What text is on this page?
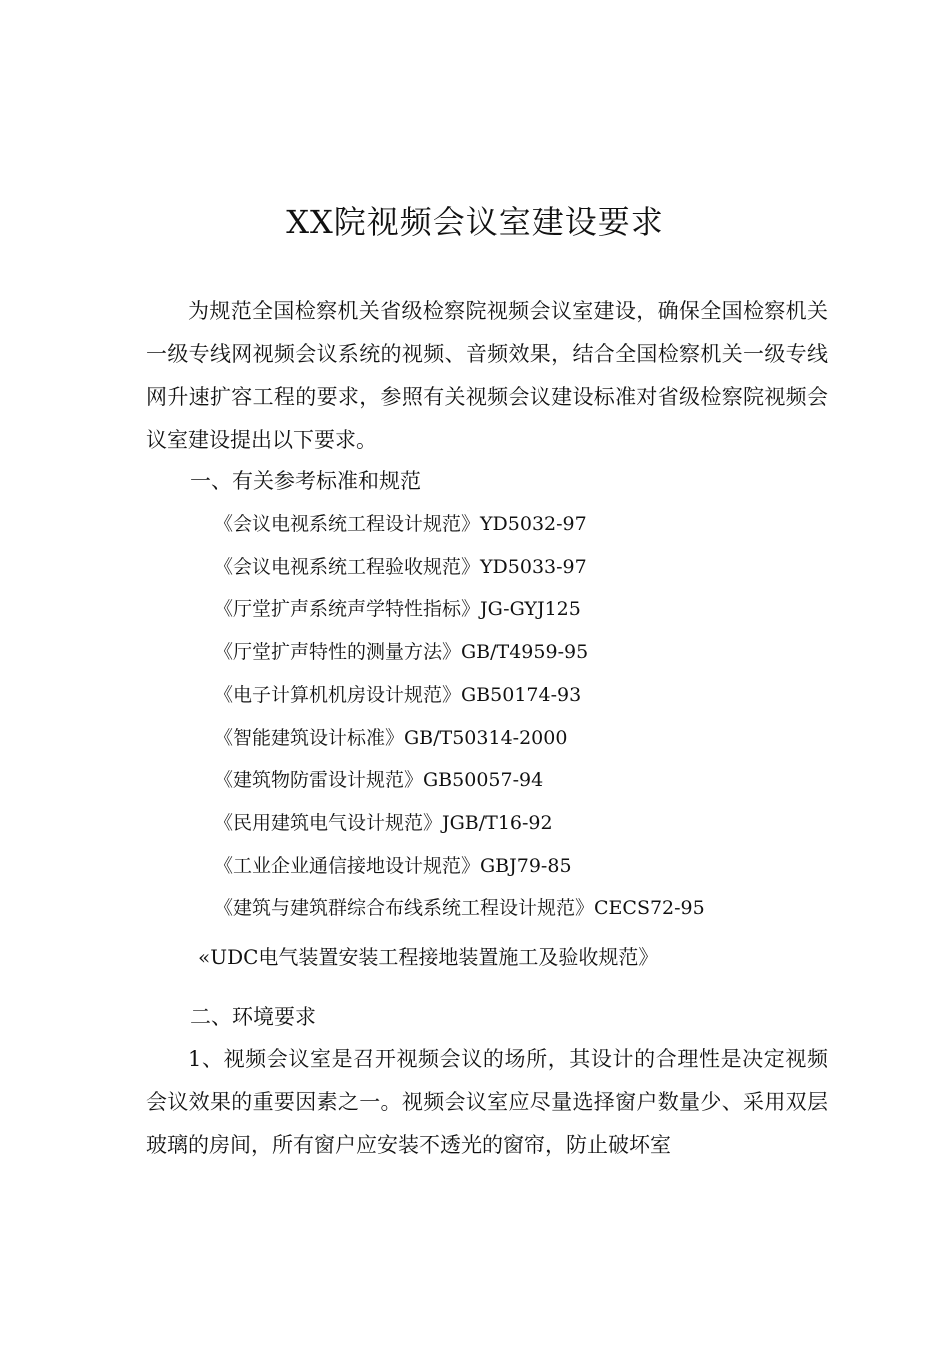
XX院视频会议室建设要求

为规范全国检察机关省级检察院视频会议室建设，确保全国检察机关一级专线网视频会议系统的视频、音频效果，结合全国检察机关一级专线网升速扩容工程的要求，参照有关视频会议建设标准对省级检察院视频会议室建设提出以下要求。

一、有关参考标准和规范

《会议电视系统工程设计规范》YD5032-97
《会议电视系统工程验收规范》YD5033-97
《厅堂扩声系统声学特性指标》JG-GYJ125
《厅堂扩声特性的测量方法》GB/T4959-95
《电子计算机机房设计规范》GB50174-93
《智能建筑设计标准》GB/T50314-2000
《建筑物防雷设计规范》GB50057-94
《民用建筑电气设计规范》JGB/T16-92
《工业企业通信接地设计规范》GBJ79-85
《建筑与建筑群综合布线系统工程设计规范》CECS72-95

«UDC电气装置安装工程接地装置施工及验收规范》

二、环境要求

1、视频会议室是召开视频会议的场所，其设计的合理性是决定视频会议效果的重要因素之一。视频会议室应尽量选择窗户数量少、采用双层玻璃的房间，所有窗户应安装不透光的窗帘，防止破坏室
